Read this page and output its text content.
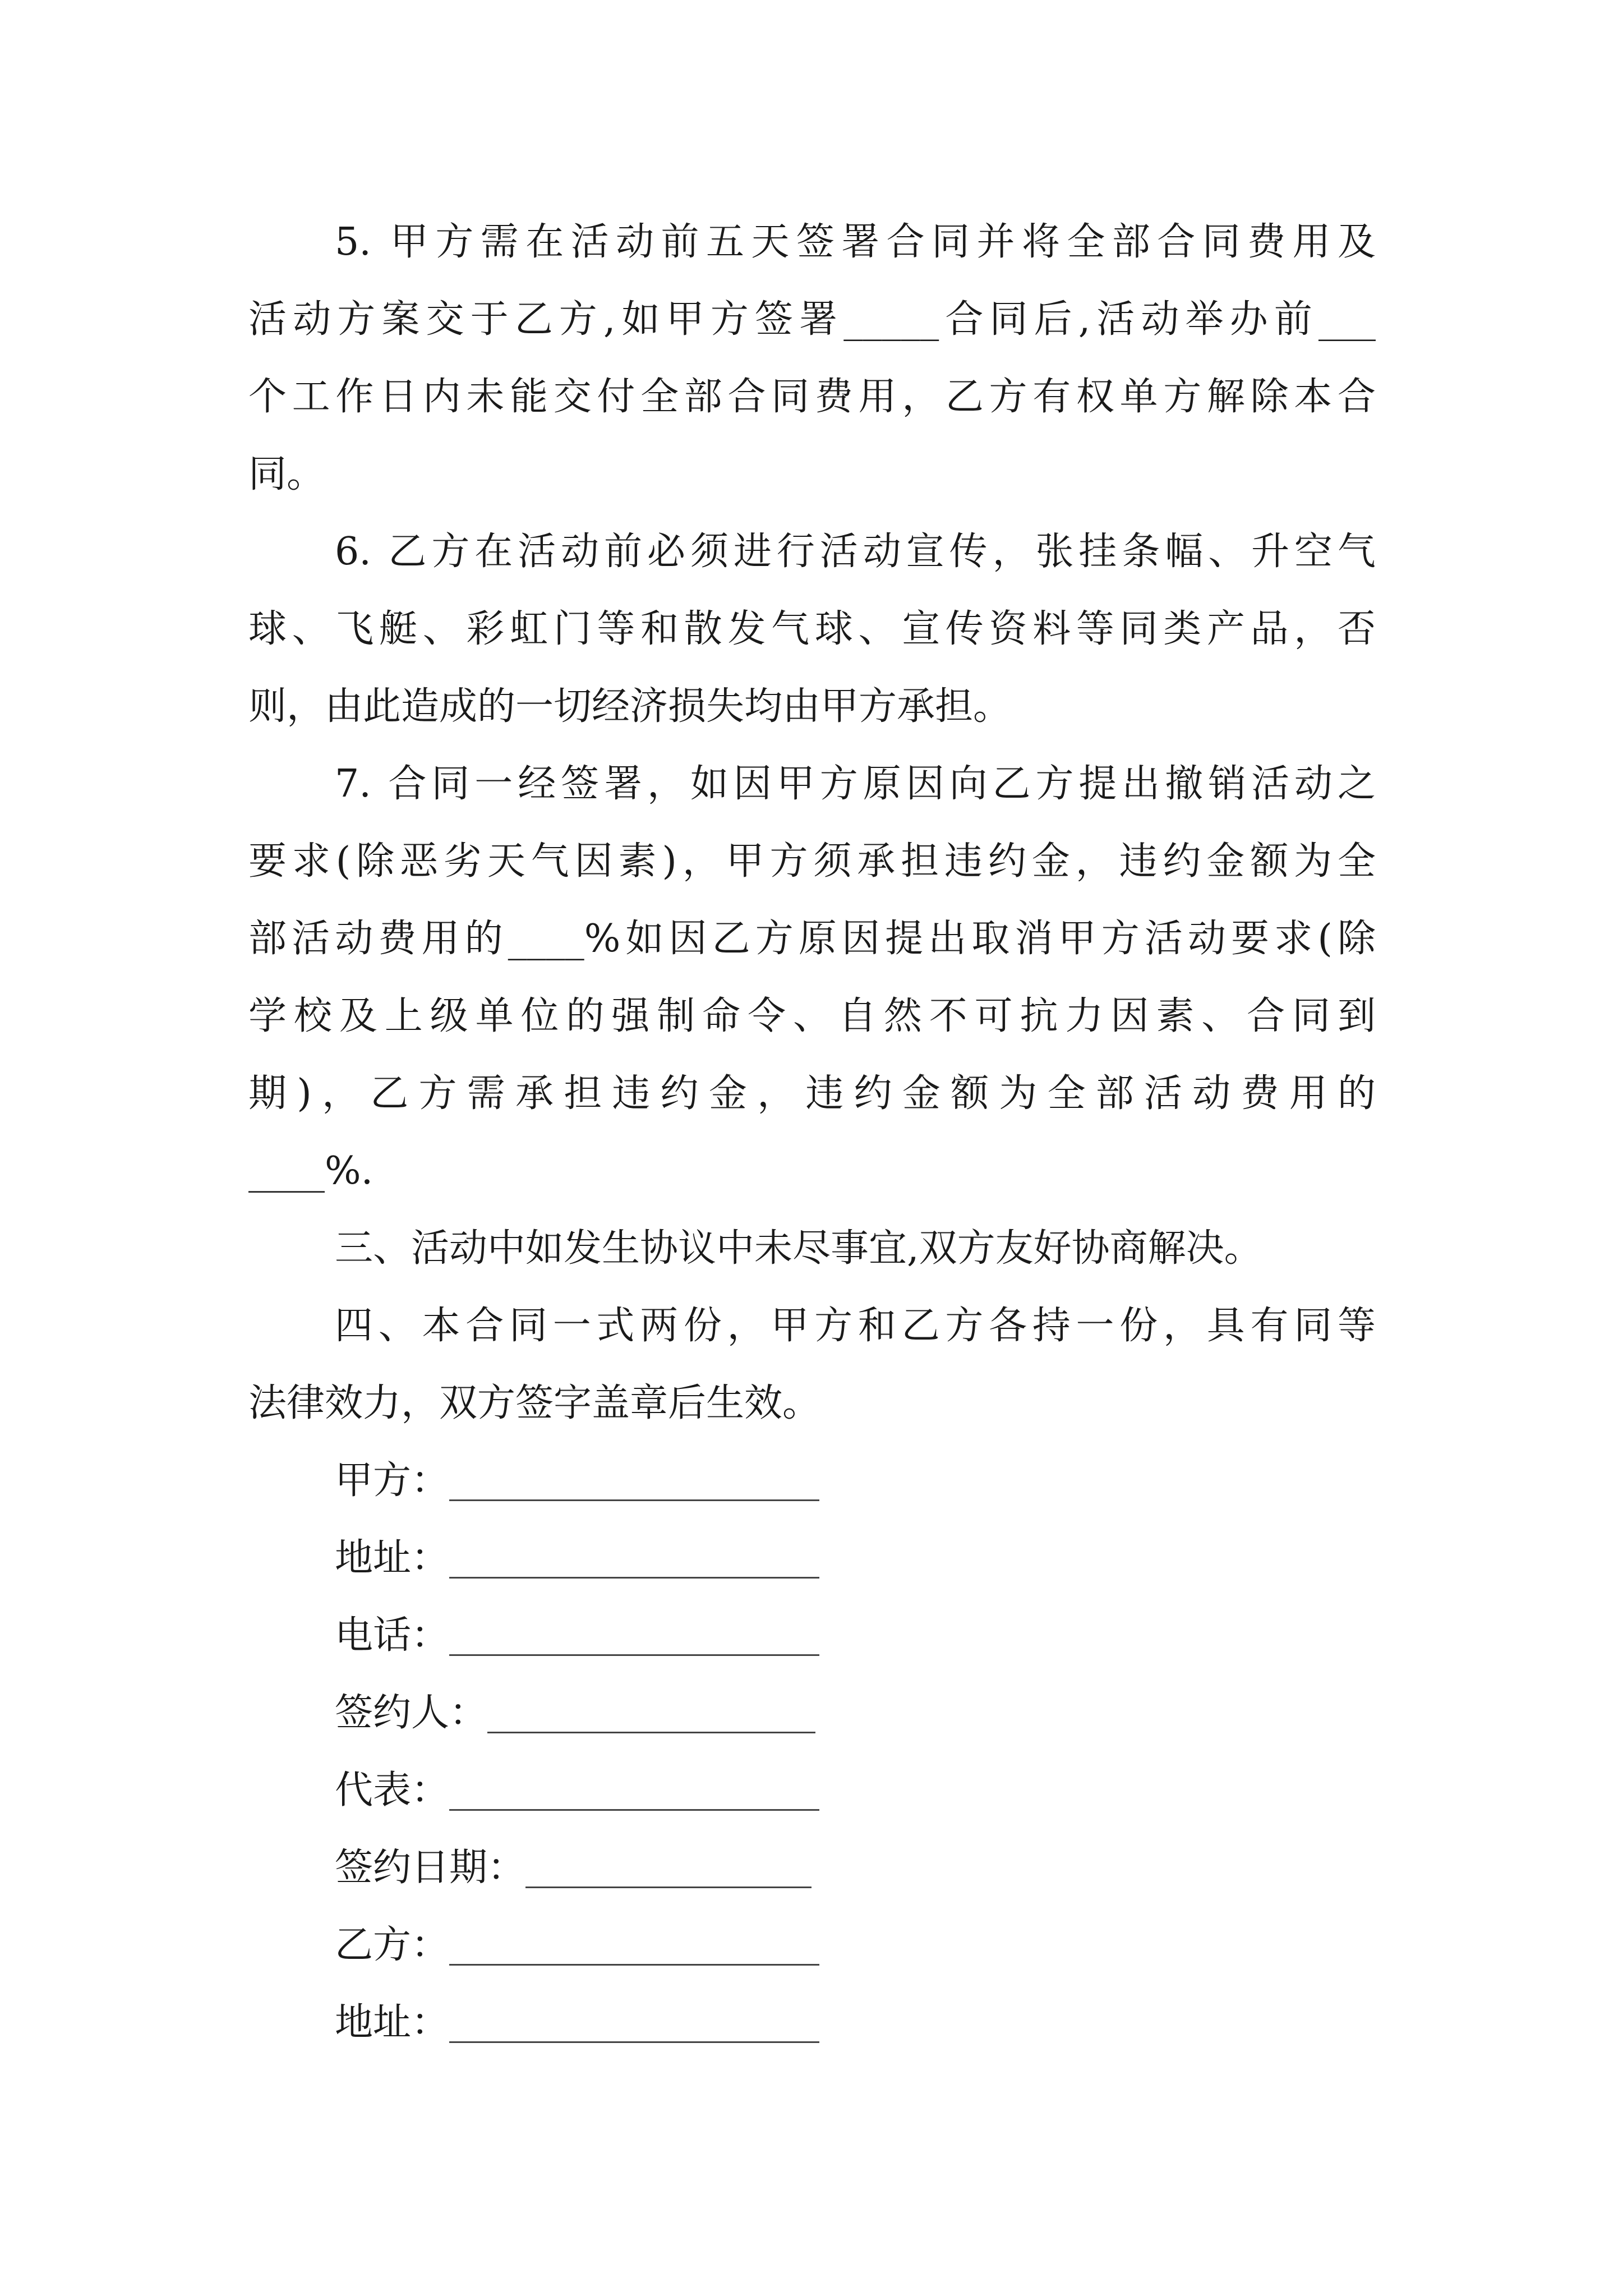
5. 甲方需在活动前五天签署合同并将全部合同费用及
活动方案交于乙方,如甲方签署_____合同后,活动举办前___
个工作日内未能交付全部合同费用，乙方有权单方解除本合
同。
6. 乙方在活动前必须进行活动宣传，张挂条幅、升空气
球、飞艇、彩虹门等和散发气球、宣传资料等同类产品，否
则，由此造成的一切经济损失均由甲方承担。
7. 合同一经签署，如因甲方原因向乙方提出撤销活动之
要求(除恶劣天气因素)，甲方须承担违约金，违约金额为全
部活动费用的____%如因乙方原因提出取消甲方活动要求(除
学校及上级单位的强制命令、自然不可抗力因素、合同到
期)，乙方需承担违约金，违约金额为全部活动费用的
____%.
三、活动中如发生协议中未尽事宜,双方友好协商解决。
四、本合同一式两份，甲方和乙方各持一份，具有同等
法律效力，双方签字盖章后生效。
甲方：
地址：
电话：
签约人：
代表：
签约日期：
乙方：
地址：
